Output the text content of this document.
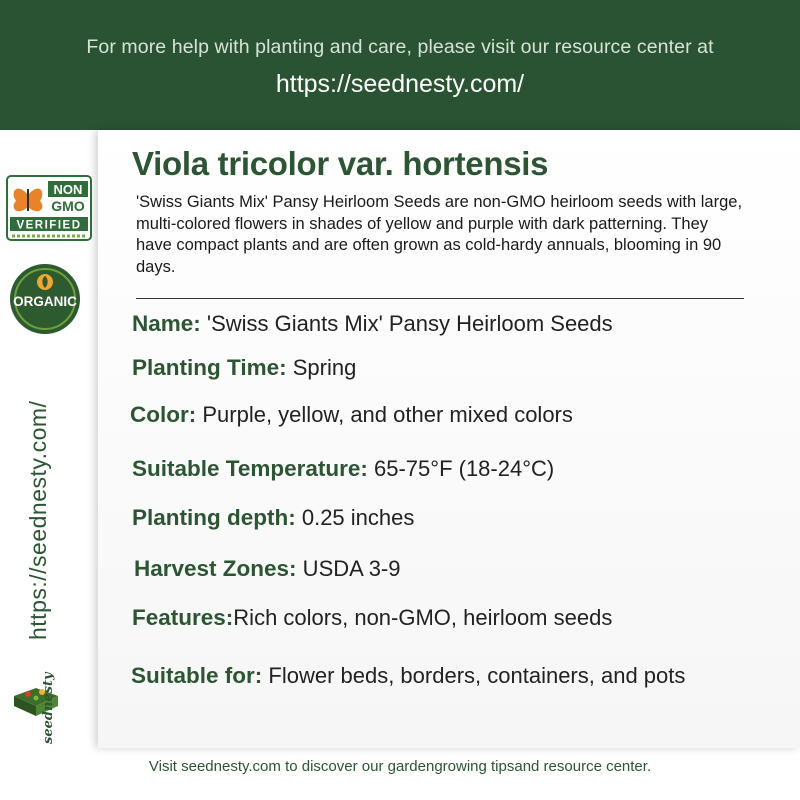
For more help with planting and care, please visit our resource center at
https://seednesty.com/
NON
GMO
VERIFIED
ORGANIC
https://seednesty.com/
seednesty
Viola tricolor var. hortensis

'Swiss Giants Mix' Pansy Heirloom Seeds are non-GMO heirloom seeds with large, multi-colored flowers in shades of yellow and purple with dark patterning. They have compact plants and are often grown as cold-hardy annuals, blooming in 90 days.

Name: 'Swiss Giants Mix' Pansy Heirloom Seeds
Planting Time: Spring
Color: Purple, yellow, and other mixed colors
Suitable Temperature: 65-75°F (18-24°C)
Planting depth: 0.25 inches
Harvest Zones: USDA 3-9
Features:Rich colors, non-GMO, heirloom seeds
Suitable for: Flower beds, borders, containers, and pots
Visit seednesty.com to discover our gardengrowing tipsand resource center.
